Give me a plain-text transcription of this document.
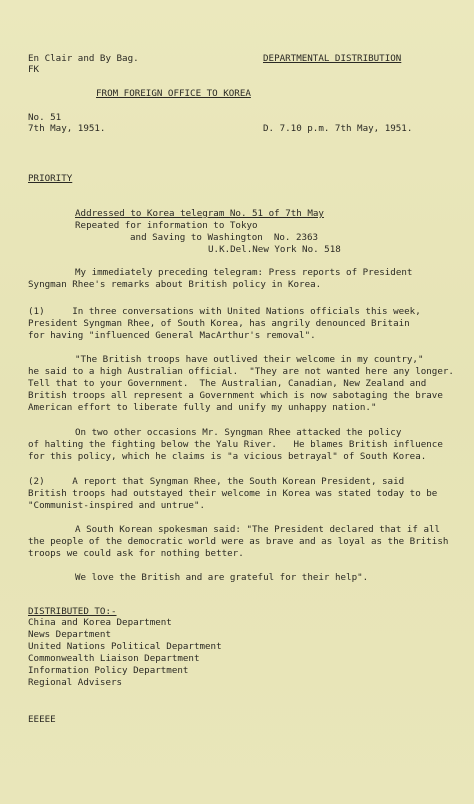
En Clair and By Bag.
FK
DEPARTMENTAL DISTRIBUTION
FROM FOREIGN OFFICE TO KOREA
No. 51
7th May, 1951.	D. 7.10 p.m. 7th May, 1951.
PRIORITY
Addressed to Korea telegram No. 51 of 7th May
Repeated for information to Tokyo
and Saving to Washington  No. 2363
U.K.Del.New York No. 518
My immediately preceding telegram: Press reports of President
Syngman Rhee's remarks about British policy in Korea.
(1)     In three conversations with United Nations officials this week,
President Syngman Rhee, of South Korea, has angrily denounced Britain
for having "influenced General MacArthur's removal".
"The British troops have outlived their welcome in my country,"
he said to a high Australian official.  "They are not wanted here any longer.
Tell that to your Government.  The Australian, Canadian, New Zealand and
British troops all represent a Government which is now sabotaging the brave
American effort to liberate fully and unify my unhappy nation."
On two other occasions Mr. Syngman Rhee attacked the policy
of halting the fighting below the Yalu River.   He blames British influence
for this policy, which he claims is "a vicious betrayal" of South Korea.
(2)     A report that Syngman Rhee, the South Korean President, said
British troops had outstayed their welcome in Korea was stated today to be
"Communist-inspired and untrue".
A South Korean spokesman said: "The President declared that if all
the people of the democratic world were as brave and as loyal as the British
troops we could ask for nothing better.
We love the British and are grateful for their help".
DISTRIBUTED TO:-
China and Korea Department
News Department
United Nations Political Department
Commonwealth Liaison Department
Information Policy Department
Regional Advisers
EEEEE
